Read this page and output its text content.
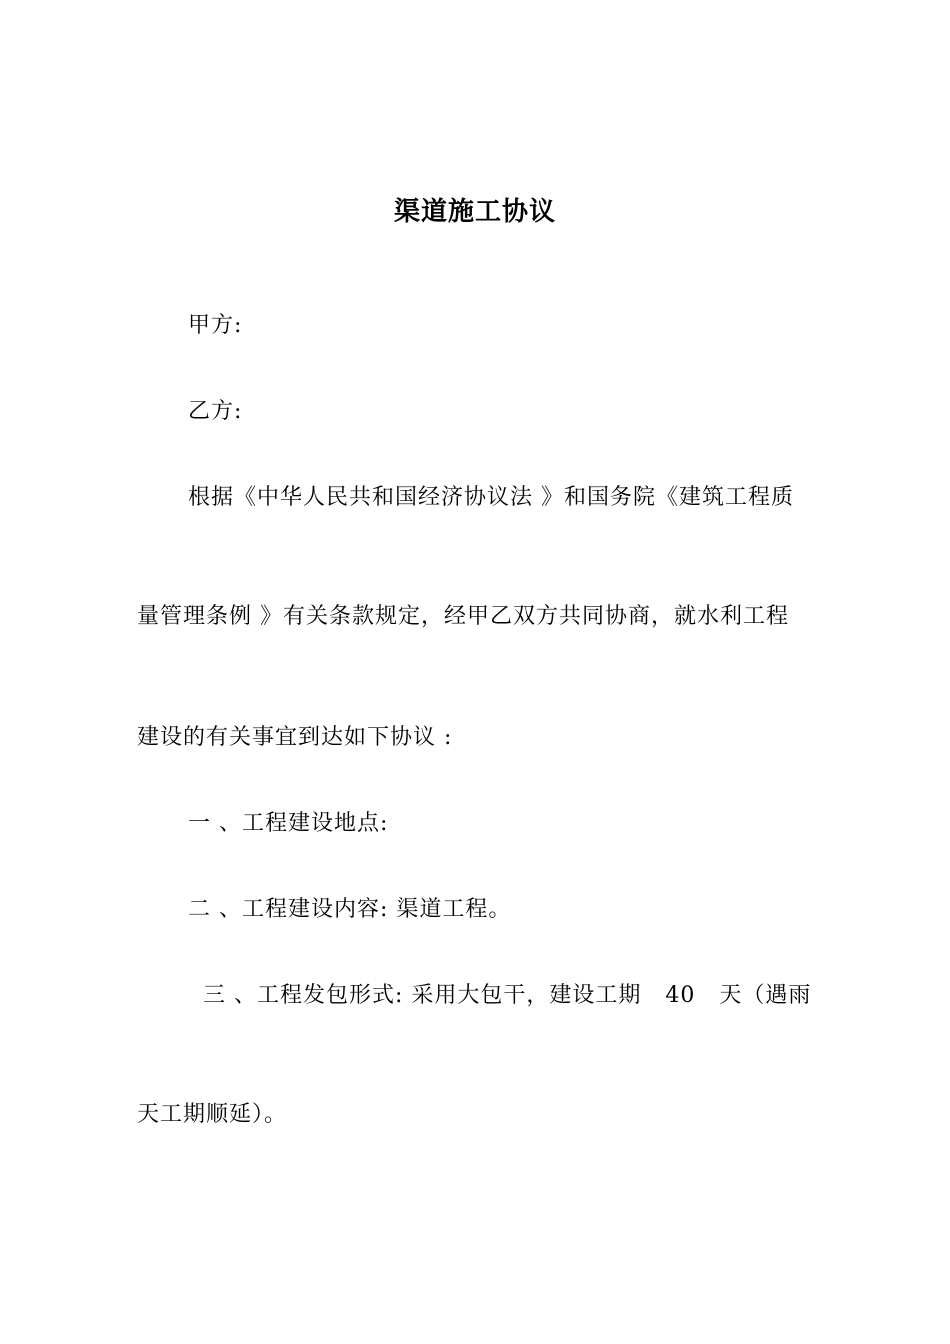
渠道施工协议
甲方:
乙方:
根据《中华人民共和国经济协议法 》和国务院《建筑工程质
量管理条例 》有关条款规定，经甲乙双方共同协商，就水利工程
建设的有关事宜到达如下协议 :
一 、工程建设地点:
二 、工程建设内容: 渠道工程。
三 、工程发包形式: 采用大包干，建设工期   40   天（遇雨
天工期顺延）。
